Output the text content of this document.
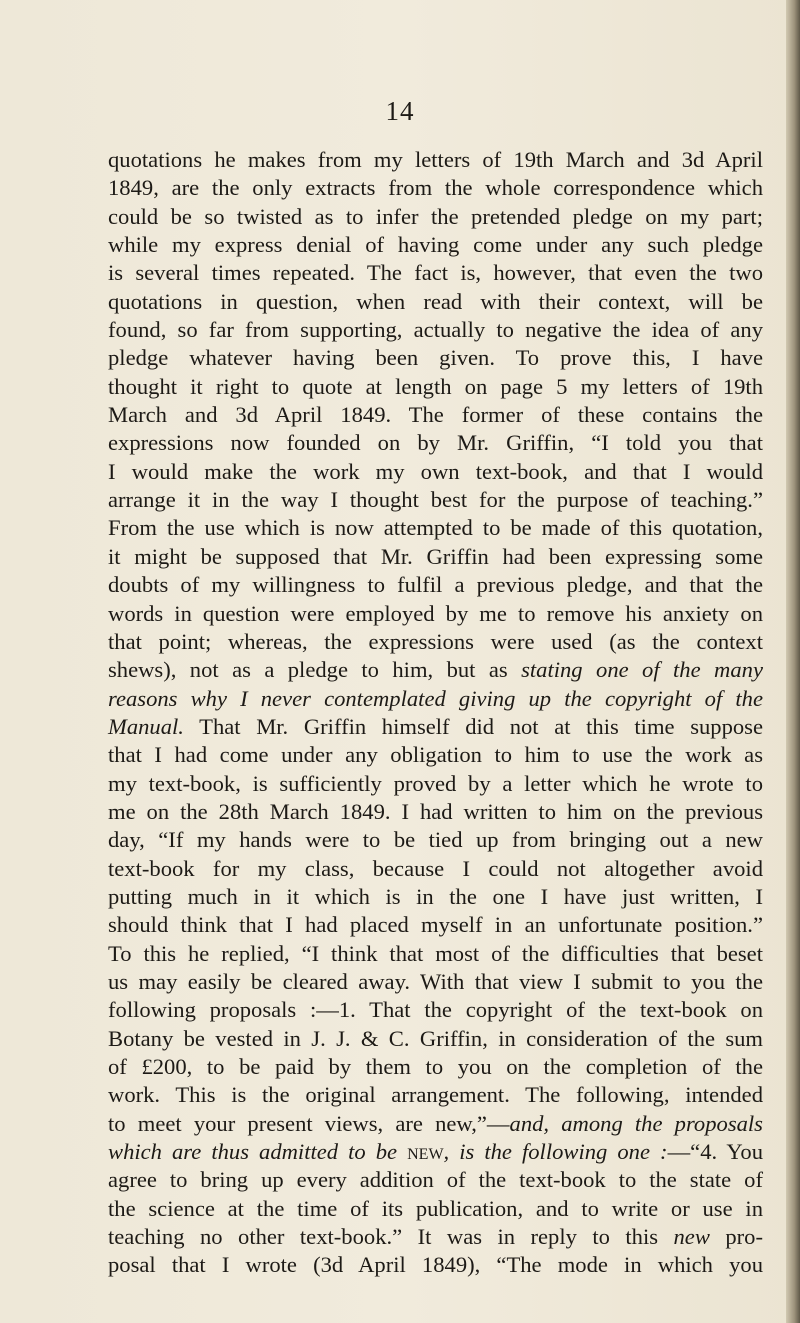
14
quotations he makes from my letters of 19th March and 3d April
1849, are the only extracts from the whole correspondence which
could be so twisted as to infer the pretended pledge on my part;
while my express denial of having come under any such pledge
is several times repeated. The fact is, however, that even the two
quotations in question, when read with their context, will be
found, so far from supporting, actually to negative the idea of any
pledge whatever having been given. To prove this, I have
thought it right to quote at length on page 5 my letters of 19th
March and 3d April 1849. The former of these contains the
expressions now founded on by Mr. Griffin, “I told you that
I would make the work my own text-book, and that I would
arrange it in the way I thought best for the purpose of teaching.”
From the use which is now attempted to be made of this quotation,
it might be supposed that Mr. Griffin had been expressing some
doubts of my willingness to fulfil a previous pledge, and that the
words in question were employed by me to remove his anxiety on
that point; whereas, the expressions were used (as the context
shews), not as a pledge to him, but as stating one of the many
reasons why I never contemplated giving up the copyright of the
Manual. That Mr. Griffin himself did not at this time suppose
that I had come under any obligation to him to use the work as
my text-book, is sufficiently proved by a letter which he wrote to
me on the 28th March 1849. I had written to him on the previous
day, “If my hands were to be tied up from bringing out a new
text-book for my class, because I could not altogether avoid
putting much in it which is in the one I have just written, I
should think that I had placed myself in an unfortunate position.”
To this he replied, “I think that most of the difficulties that beset
us may easily be cleared away. With that view I submit to you the
following proposals :—1. That the copyright of the text-book on
Botany be vested in J. J. & C. Griffin, in consideration of the sum
of £200, to be paid by them to you on the completion of the
work. This is the original arrangement. The following, intended
to meet your present views, are new,”—and, among the proposals
which are thus admitted to be new, is the following one :—“4. You
agree to bring up every addition of the text-book to the state of
the science at the time of its publication, and to write or use in
teaching no other text-book.” It was in reply to this new pro-
posal that I wrote (3d April 1849), “The mode in which you
